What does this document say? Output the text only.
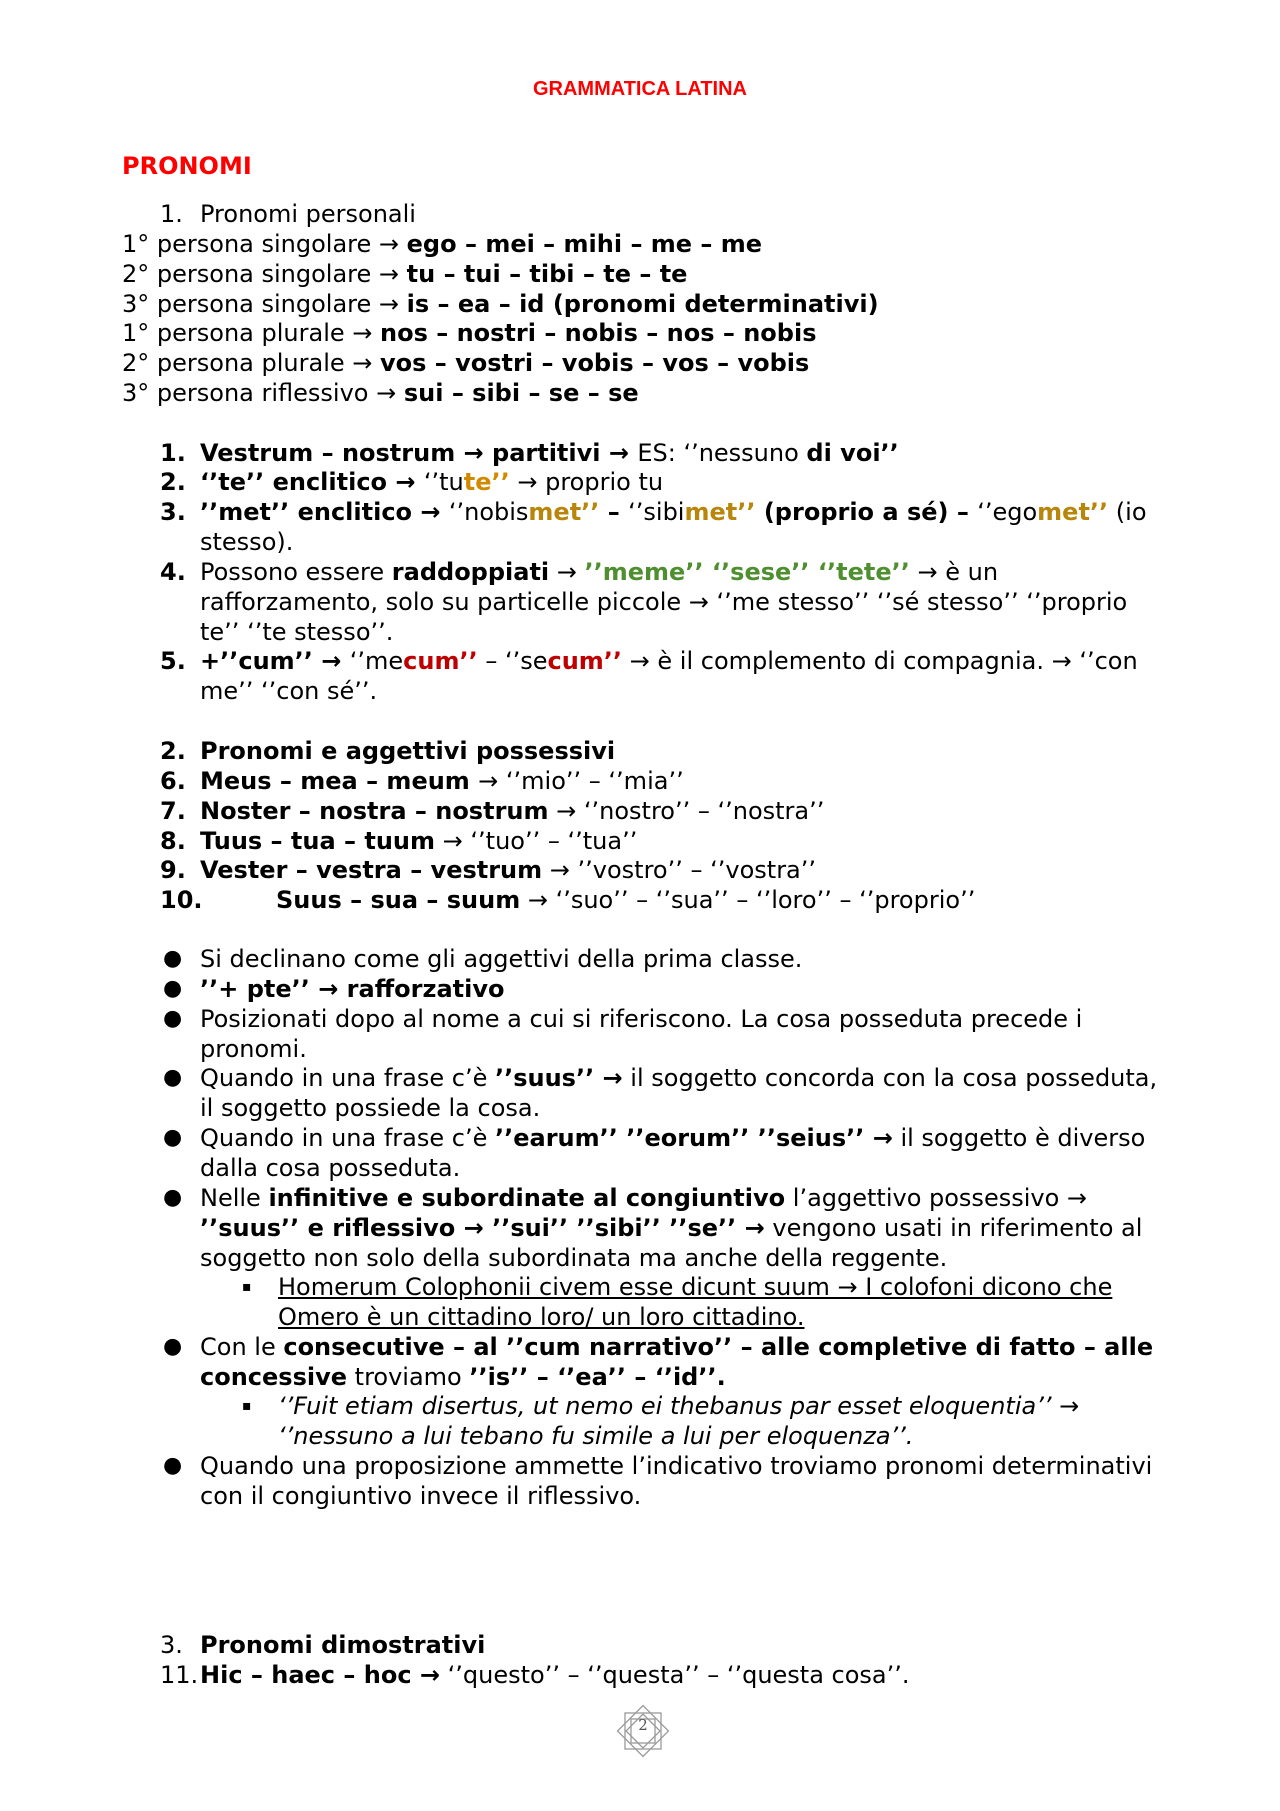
GRAMMATICA LATINA
PRONOMI
1. Pronomi personali
1° persona singolare → ego – mei – mihi – me – me
2° persona singolare → tu – tui – tibi – te – te
3° persona singolare → is – ea – id (pronomi determinativi)
1° persona plurale → nos – nostri – nobis – nos – nobis
2° persona plurale → vos – vostri – vobis – vos – vobis
3° persona riflessivo → sui – sibi – se – se
1. Vestrum – nostrum → partitivi → ES: ‘’nessuno di voi’’
2. ‘’te’’ enclitico → ‘’tute’’ → proprio tu
3. ’’met’’ enclitico → ‘’nobismet’’ – ‘’sibimet’’ (proprio a sé) – ‘’egomet’’ (io stesso).
4. Possono essere raddoppiati → ’’meme’’ ‘’sese’’ ‘’tete’’ → è un rafforzamento, solo su particelle piccole → ‘’me stesso’’ ‘’sé stesso’’ ‘’proprio te’’ ‘’te stesso’’.
5. +’’cum’’ → ‘’mecum’’ – ‘’secum’’ → è il complemento di compagnia. → ‘’con me’’ ‘’con sé’’.
2. Pronomi e aggettivi possessivi
6. Meus – mea – meum → ‘’mio’’ – ‘’mia’’
7. Noster – nostra – nostrum → ‘’nostro’’ – ‘’nostra’’
8. Tuus – tua – tuum → ‘’tuo’’ – ‘’tua’’
9. Vester – vestra – vestrum → ’’vostro’’ – ‘’vostra’’
10.	Suus – sua – suum → ‘’suo’’ – ‘’sua’’ – ‘’loro’’ – ‘’proprio’’
● Si declinano come gli aggettivi della prima classe.
● ’’+ pte’’ → rafforzativo
● Posizionati dopo al nome a cui si riferiscono. La cosa posseduta precede i pronomi.
● Quando in una frase c’è ’’suus’’ → il soggetto concorda con la cosa posseduta, il soggetto possiede la cosa.
● Quando in una frase c’è ’’earum’’ ’’eorum’’ ’’seius’’ → il soggetto è diverso dalla cosa posseduta.
● Nelle infinitive e subordinate al congiuntivo l’aggettivo possessivo → ’’suus’’ e riflessivo → ’’sui’’ ’’sibi’’ ’’se’’ → vengono usati in riferimento al soggetto non solo della subordinata ma anche della reggente.
▪ Homerum Colophonii civem esse dicunt suum → I colofoni dicono che Omero è un cittadino loro/ un loro cittadino.
● Con le consecutive – al ’’cum narrativo’’ – alle completive di fatto – alle concessive troviamo ’’is’’ – ‘’ea’’ – ‘’id’’.
▪ ‘’Fuit etiam disertus, ut nemo ei thebanus par esset eloquentia’’ → ‘’nessuno a lui tebano fu simile a lui per eloquenza’’.
● Quando una proposizione ammette l’indicativo troviamo pronomi determinativi con il congiuntivo invece il riflessivo.
3. Pronomi dimostrativi
11. Hic – haec – hoc → ‘’questo’’ – ‘’questa’’ – ‘’questa cosa’’.
2
